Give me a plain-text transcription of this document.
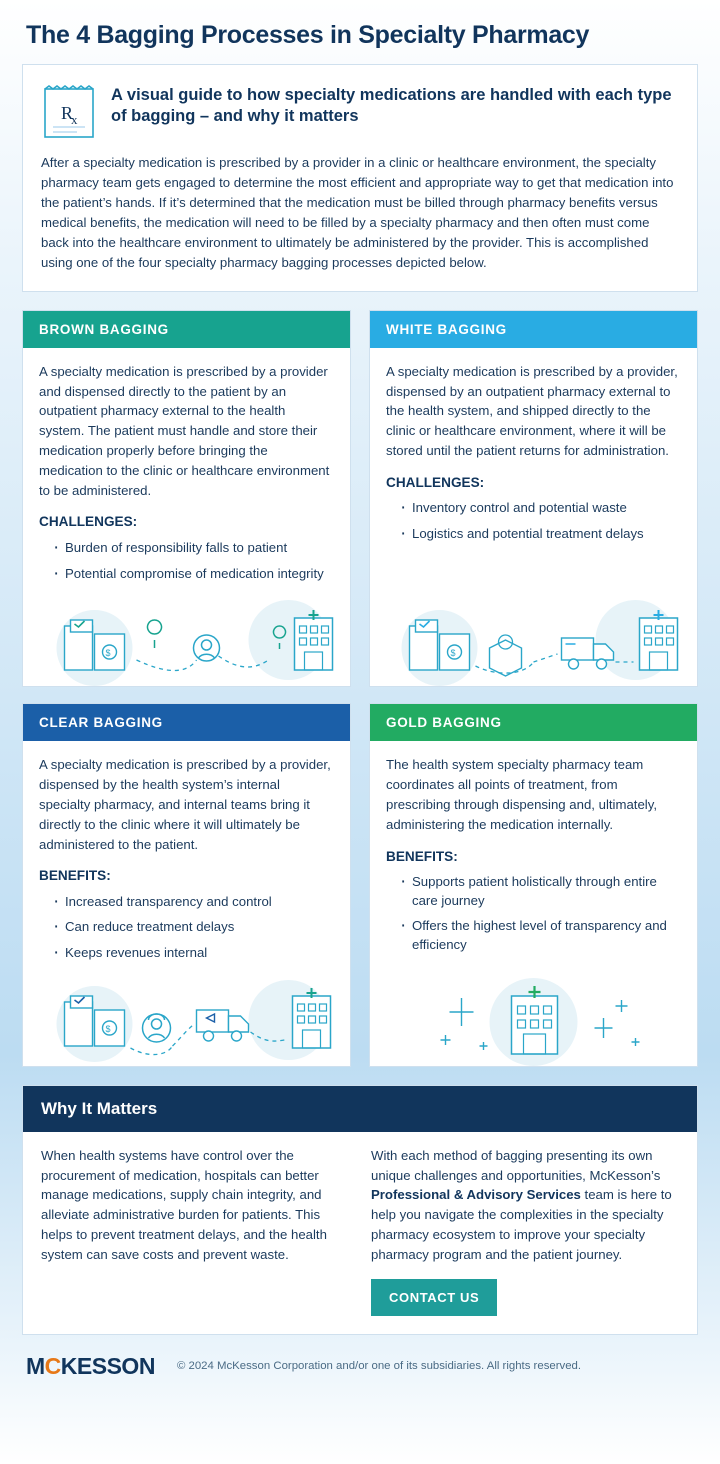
The 4 Bagging Processes in Specialty Pharmacy
R
x
A visual guide to how specialty medications are handled with each type of bagging – and why it matters
After a specialty medication is prescribed by a provider in a clinic or healthcare environment, the specialty pharmacy team gets engaged to determine the most efficient and appropriate way to get that medication into the patient’s hands. If it’s determined that the medication must be billed through pharmacy benefits versus medical benefits, the medication will need to be filled by a specialty pharmacy and then often must come back into the healthcare environment to ultimately be administered by the provider. This is accomplished using one of the four specialty pharmacy bagging processes depicted below.
BROWN BAGGING

A specialty medication is prescribed by a provider and dispensed directly to the patient by an outpatient pharmacy external to the health system. The patient must handle and store their medication properly before bringing the medication to the clinic or healthcare environment to be administered.

CHALLENGES:
· Burden of responsibility falls to patient
· Potential compromise of medication integrity
$
WHITE BAGGING

A specialty medication is prescribed by a provider, dispensed by an outpatient pharmacy external to the health system, and shipped directly to the clinic or healthcare environment, where it will be stored until the patient returns for administration.

CHALLENGES:
· Inventory control and potential waste
· Logistics and potential treatment delays
$
CLEAR BAGGING

A specialty medication is prescribed by a provider, dispensed by the health system’s internal specialty pharmacy, and internal teams bring it directly to the clinic where it will ultimately be administered to the patient.

BENEFITS:
· Increased transparency and control
· Can reduce treatment delays
· Keeps revenues internal
$
GOLD BAGGING

The health system specialty pharmacy team coordinates all points of treatment, from prescribing through dispensing and, ultimately, administering the medication internally.

BENEFITS:
· Supports patient holistically through entire care journey
· Offers the highest level of transparency and efficiency
Why It Matters
When health systems have control over the procurement of medication, hospitals can better manage medications, supply chain integrity, and alleviate administrative burden for patients. This helps to prevent treatment delays, and the health system can save costs and prevent waste.
With each method of bagging presenting its own unique challenges and opportunities, McKesson’s Professional & Advisory Services team is here to help you navigate the complexities in the specialty pharmacy ecosystem to improve your specialty pharmacy program and the patient journey.
CONTACT US
MCKESSON © 2024 McKesson Corporation and/or one of its subsidiaries. All rights reserved.
